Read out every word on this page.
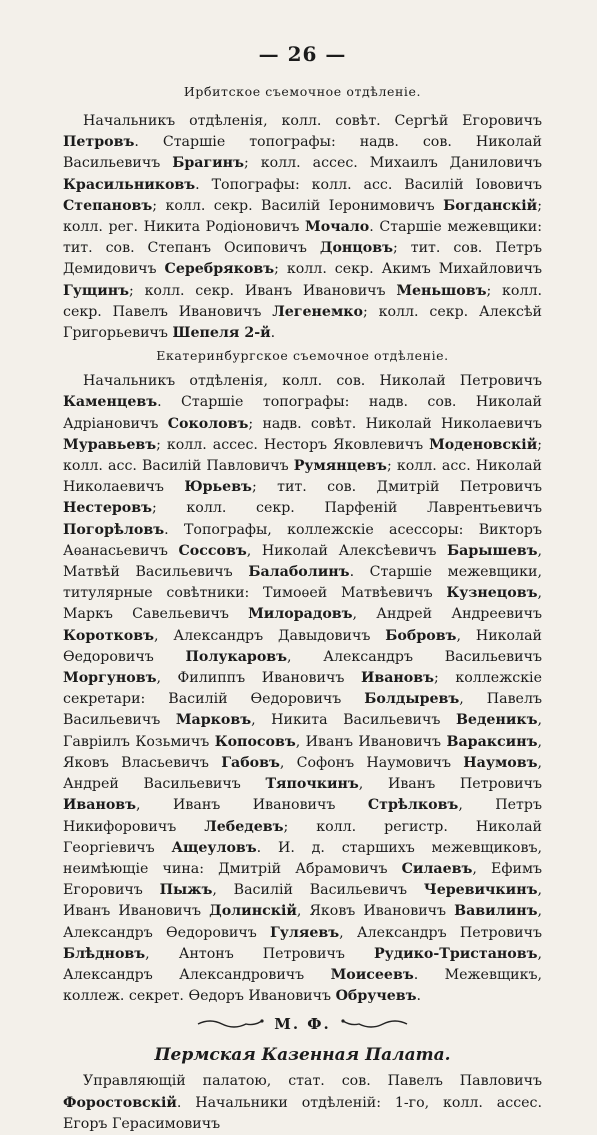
— 26 —
Ирбитское съемочное отдѣленіе.

Начальникъ отдѣленія, колл. совѣт. Сергѣй Егоровичъ Петровъ. Старшіе топографы: надв. сов. Николай Васильевичъ Брагинъ; колл. ассес. Михаилъ Даниловичъ Красильниковъ. Топографы: колл. асс. Василій Іововичъ Степановъ; колл. секр. Василій Іеронимовичъ Богданскій; колл. рег. Никита Родіоновичъ Мочало. Старшіе межевщики: тит. сов. Степанъ Осиповичъ Донцовъ; тит. сов. Петръ Демидовичъ Серебряковъ; колл. секр. Акимъ Михайловичъ Гущинъ; колл. секр. Иванъ Ивановичъ Меньшовъ; колл. секр. Павелъ Ивановичъ Легенемко; колл. секр. Алексѣй Григорьевичъ Шепеля 2-й.

Екатеринбургское съемочное отдѣленіе.

Начальникъ отдѣленія, колл. сов. Николай Петровичъ Каменцевъ. Старшіе топографы: надв. сов. Николай Адріановичъ Соколовъ; надв. совѣт. Николай Николаевичъ Муравьевъ; колл. ассес. Несторъ Яковлевичъ Моденовскій; колл. асс. Василій Павловичъ Румянцевъ; колл. асс. Николай Николаевичъ Юрьевъ; тит. сов. Дмитрій Петровичъ Нестеровъ; колл. секр. Парфеній Лаврентьевичъ Погорѣловъ. Топографы, коллежскіе асессоры: Викторъ Аѳанасьевичъ Соссовъ, Николай Алексѣевичъ Барышевъ, Матвѣй Васильевичъ Балаболинъ. Старшіе межевщики, титулярные совѣтники: Тимоѳей Матвѣевичъ Кузнецовъ, Маркъ Савельевичъ Милорадовъ, Андрей Андреевичъ Коротковъ, Александръ Давыдовичъ Бобровъ, Николай Ѳедоровичъ Полукаровъ, Александръ Васильевичъ Моргуновъ, Филиппъ Ивановичъ Ивановъ; коллежскіе секретари: Василій Ѳедоровичъ Болдыревъ, Павелъ Васильевичъ Марковъ, Никита Васильевичъ Веденикъ, Гавріилъ Козьмичъ Копосовъ, Иванъ Ивановичъ Вараксинъ, Яковъ Власьевичъ Габовъ, Софонъ Наумовичъ Наумовъ, Андрей Васильевичъ Тяпочкинъ, Иванъ Петровичъ Ивановъ, Иванъ Ивановичъ Стрѣлковъ, Петръ Никифоровичъ Лебедевъ; колл. регистр. Николай Георгіевичъ Ащеуловъ. И. д. старшихъ межевщиковъ, неимѣющіе чина: Дмитрій Абрамовичъ Силаевъ, Ефимъ Егоровичъ Пыжъ, Василій Васильевичъ Черевичкинъ, Иванъ Ивановичъ Долинскій, Яковъ Ивановичъ Вавилинъ, Александръ Ѳедоровичъ Гуляевъ, Александръ Петровичъ Блѣдновъ, Антонъ Петровичъ Рудико-Тристановъ, Александръ Александровичъ Моисеевъ. Межевщикъ, коллеж. секрет. Ѳедоръ Ивановичъ Обручевъ.

М. Ф.
Пермская Казенная Палата.

Управляющій палатою, стат. сов. Павелъ Павловичъ Форостовскій. Начальники отдѣленій: 1-го, колл. ассес. Егоръ Герасимовичъ
